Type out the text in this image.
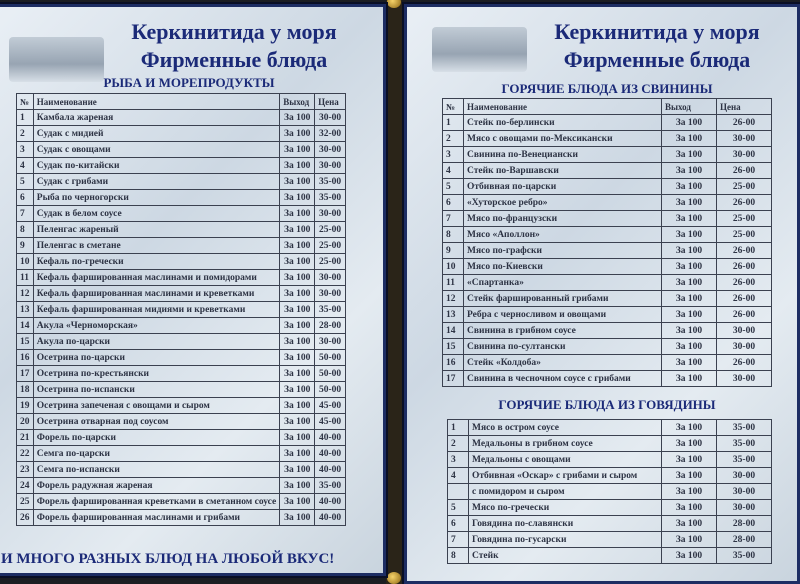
Керкинитида у моря
Фирменные блюда
РЫБА И МОРЕПРОДУКТЫ
№	Наименование	Выход	Цена
1	Камбала жареная	За 100	30-00
2	Судак с мидией	За 100	32-00
3	Судак с овощами	За 100	30-00
4	Судак по-китайски	За 100	30-00
5	Судак с грибами	За 100	35-00
6	Рыба по черногорски	За 100	35-00
7	Судак в белом соусе	За 100	30-00
8	Пеленгас жареный	За 100	25-00
9	Пеленгас в сметане	За 100	25-00
10	Кефаль по-гречески	За 100	25-00
11	Кефаль фаршированная маслинами и помидорами	За 100	30-00
12	Кефаль фаршированная маслинами и креветками	За 100	30-00
13	Кефаль фаршированная мидиями и креветками	За 100	35-00
14	Акула «Черноморская»	За 100	28-00
15	Акула по-царски	За 100	30-00
16	Осетрина по-царски	За 100	50-00
17	Осетрина по-крестьянски	За 100	50-00
18	Осетрина по-испански	За 100	50-00
19	Осетрина запеченая с овощами и сыром	За 100	45-00
20	Осетрина отварная под соусом	За 100	45-00
21	Форель по-царски	За 100	40-00
22	Семга по-царски	За 100	40-00
23	Семга по-испански	За 100	40-00
24	Форель радужная жареная	За 100	35-00
25	Форель фаршированная креветками в сметанном соусе	За 100	40-00
26	Форель фаршированная маслинами и грибами	За 100	40-00
И МНОГО РАЗНЫХ БЛЮД НА ЛЮБОЙ ВКУС!
Керкинитида у моря
Фирменные блюда
ГОРЯЧИЕ БЛЮДА ИЗ СВИНИНЫ
№	Наименование	Выход	Цена
1	Стейк по-берлински	За 100	26-00
2	Мясо с овощами по-Мексикански	За 100	30-00
3	Свинина по-Венециански	За 100	30-00
4	Стейк по-Варшавски	За 100	26-00
5	Отбивная по-царски	За 100	25-00
6	«Хуторское ребро»	За 100	26-00
7	Мясо по-французски	За 100	25-00
8	Мясо «Аполлон»	За 100	25-00
9	Мясо по-графски	За 100	26-00
10	Мясо по-Киевски	За 100	26-00
11	«Спартанка»	За 100	26-00
12	Стейк фаршированный грибами	За 100	26-00
13	Ребра с черносливом и овощами	За 100	26-00
14	Свинина в грибном соусе	За 100	30-00
15	Свинина по-султански	За 100	30-00
16	Стейк «Колдоба»	За 100	26-00
17	Свинина в чесночном соусе с грибами	За 100	30-00
ГОРЯЧИЕ БЛЮДА ИЗ ГОВЯДИНЫ
1	Мясо в остром соусе	За 100	35-00
2	Медальоны в грибном соусе	За 100	35-00
3	Медальоны с овощами	За 100	35-00
4	Отбивная «Оскар» с грибами и сыром	За 100	30-00
	с помидором и сыром	За 100	30-00
5	Мясо по-гречески	За 100	30-00
6	Говядина по-славянски	За 100	28-00
7	Говядина по-гусарски	За 100	28-00
8	Стейк	За 100	35-00
